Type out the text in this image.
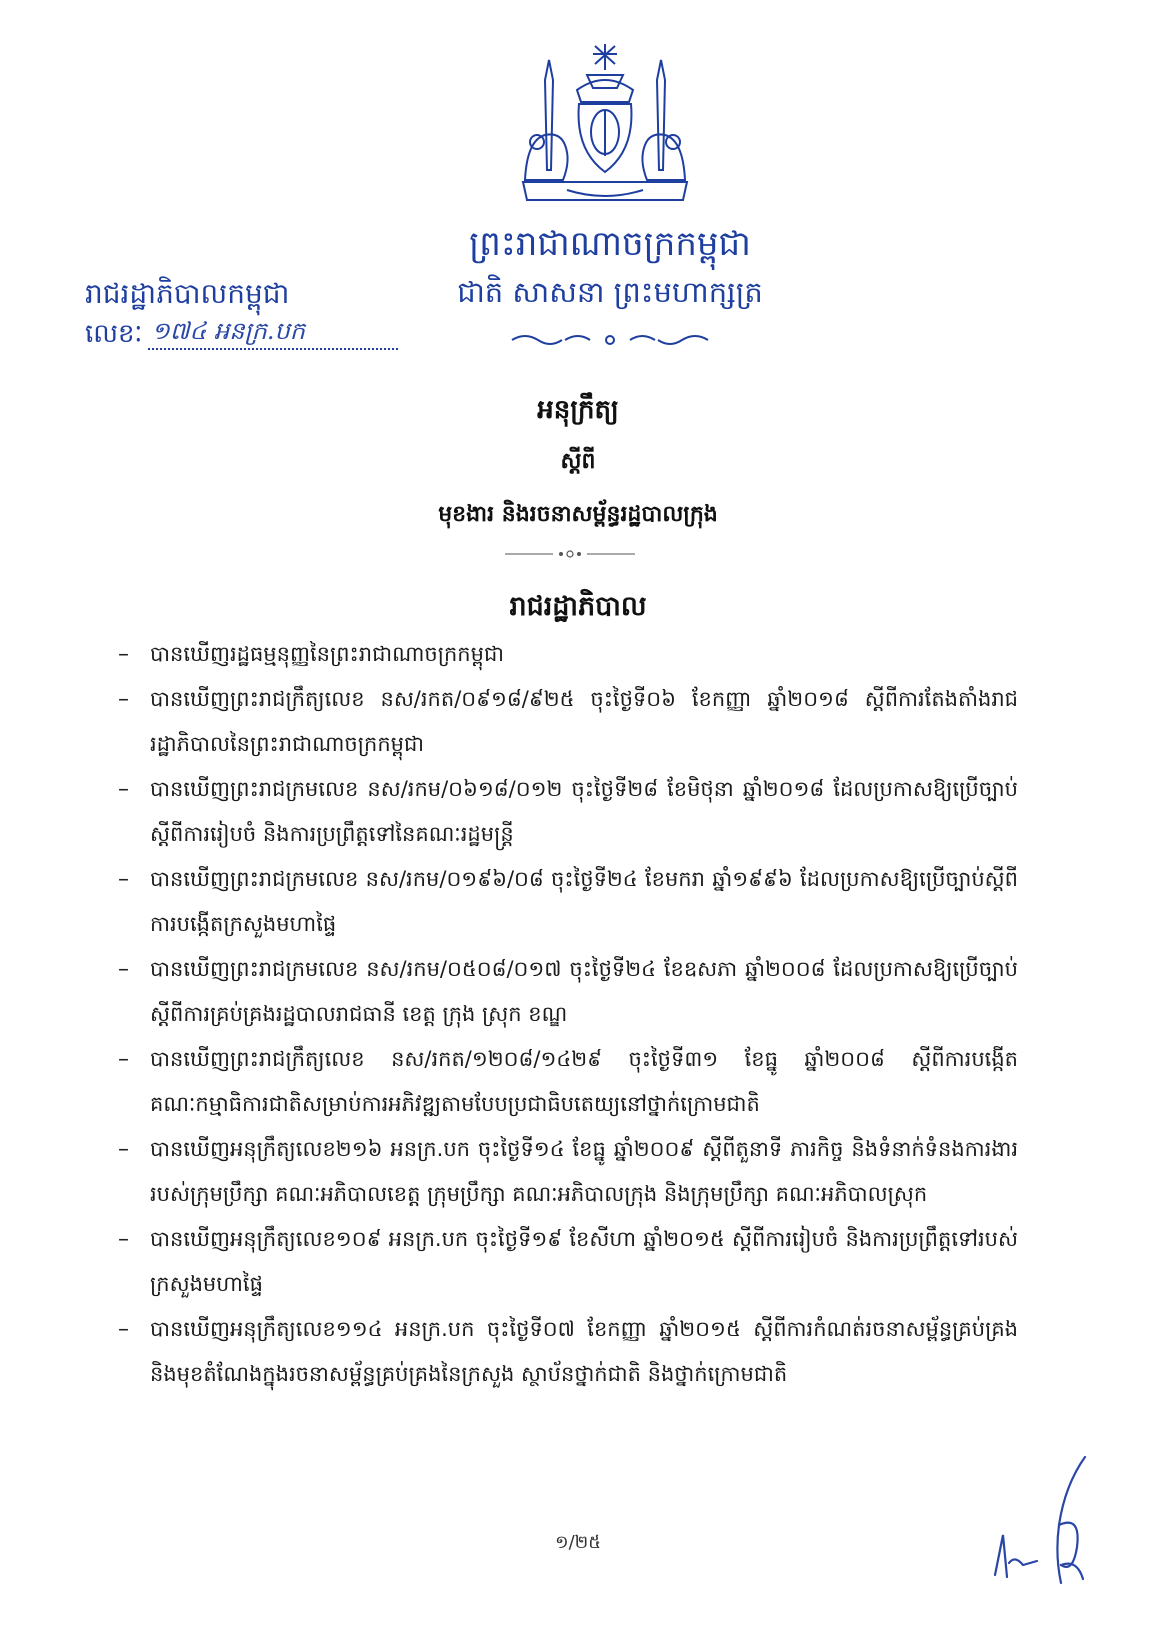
ព្រះរាជាណាចក្រកម្ពុជា
ជាតិ សាសនា ព្រះមហាក្សត្រ
រាជរដ្ឋាភិបាលកម្ពុជា
លេខៈ ១៧៤ អនក្រ.បក
អនុក្រឹត្យ
ស្ដីពី
មុខងារ និងរចនាសម្ព័ន្ធរដ្ឋបាលក្រុង
រាជរដ្ឋាភិបាល
–	បានឃើញរដ្ឋធម្មនុញ្ញនៃព្រះរាជាណាចក្រកម្ពុជា
–	បានឃើញព្រះរាជក្រឹត្យលេខ នស/រកត/០៩១៨/៩២៥ ចុះថ្ងៃទី០៦ ខែកញ្ញា ឆ្នាំ២០១៨ ស្ដីពីការតែងតាំងរាជរដ្ឋាភិបាលនៃព្រះរាជាណាចក្រកម្ពុជា
–	បានឃើញព្រះរាជក្រមលេខ នស/រកម/០៦១៨/០១២ ចុះថ្ងៃទី២៨ ខែមិថុនា ឆ្នាំ២០១៨ ដែលប្រកាសឱ្យប្រើច្បាប់ស្ដីពីការរៀបចំ និងការប្រព្រឹត្តទៅនៃគណៈរដ្ឋមន្ត្រី
–	បានឃើញព្រះរាជក្រមលេខ នស/រកម/០១៩៦/០៨ ចុះថ្ងៃទី២៤ ខែមករា ឆ្នាំ១៩៩៦ ដែលប្រកាសឱ្យប្រើច្បាប់ស្ដីពីការបង្កើតក្រសួងមហាផ្ទៃ
–	បានឃើញព្រះរាជក្រមលេខ នស/រកម/០៥០៨/០១៧ ចុះថ្ងៃទី២៤ ខែឧសភា ឆ្នាំ២០០៨ ដែលប្រកាសឱ្យប្រើច្បាប់ស្ដីពីការគ្រប់គ្រងរដ្ឋបាលរាជធានី ខេត្ត ក្រុង ស្រុក ខណ្ឌ
–	បានឃើញព្រះរាជក្រឹត្យលេខ នស/រកត/១២០៨/១៤២៩ ចុះថ្ងៃទី៣១ ខែធ្នូ ឆ្នាំ២០០៨ ស្ដីពីការបង្កើតគណៈកម្មាធិការជាតិសម្រាប់ការអភិវឌ្ឍតាមបែបប្រជាធិបតេយ្យនៅថ្នាក់ក្រោមជាតិ
–	បានឃើញអនុក្រឹត្យលេខ២១៦ អនក្រ.បក ចុះថ្ងៃទី១៤ ខែធ្នូ ឆ្នាំ២០០៩ ស្ដីពីតួនាទី ភារកិច្ច និងទំនាក់ទំនងការងាររបស់ក្រុមប្រឹក្សា គណៈអភិបាលខេត្ត ក្រុមប្រឹក្សា គណៈអភិបាលក្រុង និងក្រុមប្រឹក្សា គណៈអភិបាលស្រុក
–	បានឃើញអនុក្រឹត្យលេខ១០៩ អនក្រ.បក ចុះថ្ងៃទី១៩ ខែសីហា ឆ្នាំ២០១៥ ស្ដីពីការរៀបចំ និងការប្រព្រឹត្តទៅរបស់ក្រសួងមហាផ្ទៃ
–	បានឃើញអនុក្រឹត្យលេខ១១៤ អនក្រ.បក ចុះថ្ងៃទី០៧ ខែកញ្ញា ឆ្នាំ២០១៥ ស្ដីពីការកំណត់រចនាសម្ព័ន្ធគ្រប់គ្រង និងមុខតំណែងក្នុងរចនាសម្ព័ន្ធគ្រប់គ្រងនៃក្រសួង ស្ថាប័នថ្នាក់ជាតិ និងថ្នាក់ក្រោមជាតិ
១/២៥
